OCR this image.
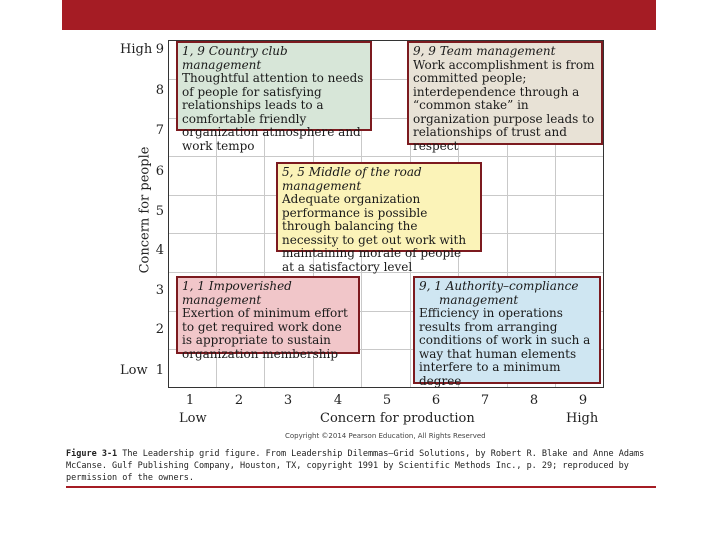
High
Low
9
8
7
6
5
4
3
2
1
Concern for people
1	2	3	4	5	6	7	8	9
Low	High
Concern for production
1, 9 Country club management
Thoughtful attention to needs of people for satisfying relationships leads to a comfortable friendly organization atmosphere and work tempo
9, 9 Team management
Work accomplishment is from committed people; interdependence through a “common stake” in organization purpose leads to relationships of trust and respect
5, 5 Middle of the road management
Adequate organization performance is possible through balancing the necessity to get out work with maintaining morale of people at a satisfactory level
1, 1 Impoverished management
Exertion of minimum effort to get required work done is appropriate to sustain organization membership
9, 1 Authority–compliance

management
Efficiency in operations results from arranging conditions of work in such a way that human elements interfere to a minimum degree
Copyright ©2014 Pearson Education, All Rights Reserved
Figure 3-1 The Leadership grid figure. From Leadership Dilemmas—Grid Solutions, by Robert R. Blake and Anne Adams McCanse. Gulf Publishing Company, Houston, TX, copyright 1991 by Scientific Methods Inc., p. 29; reproduced by permission of the owners.
